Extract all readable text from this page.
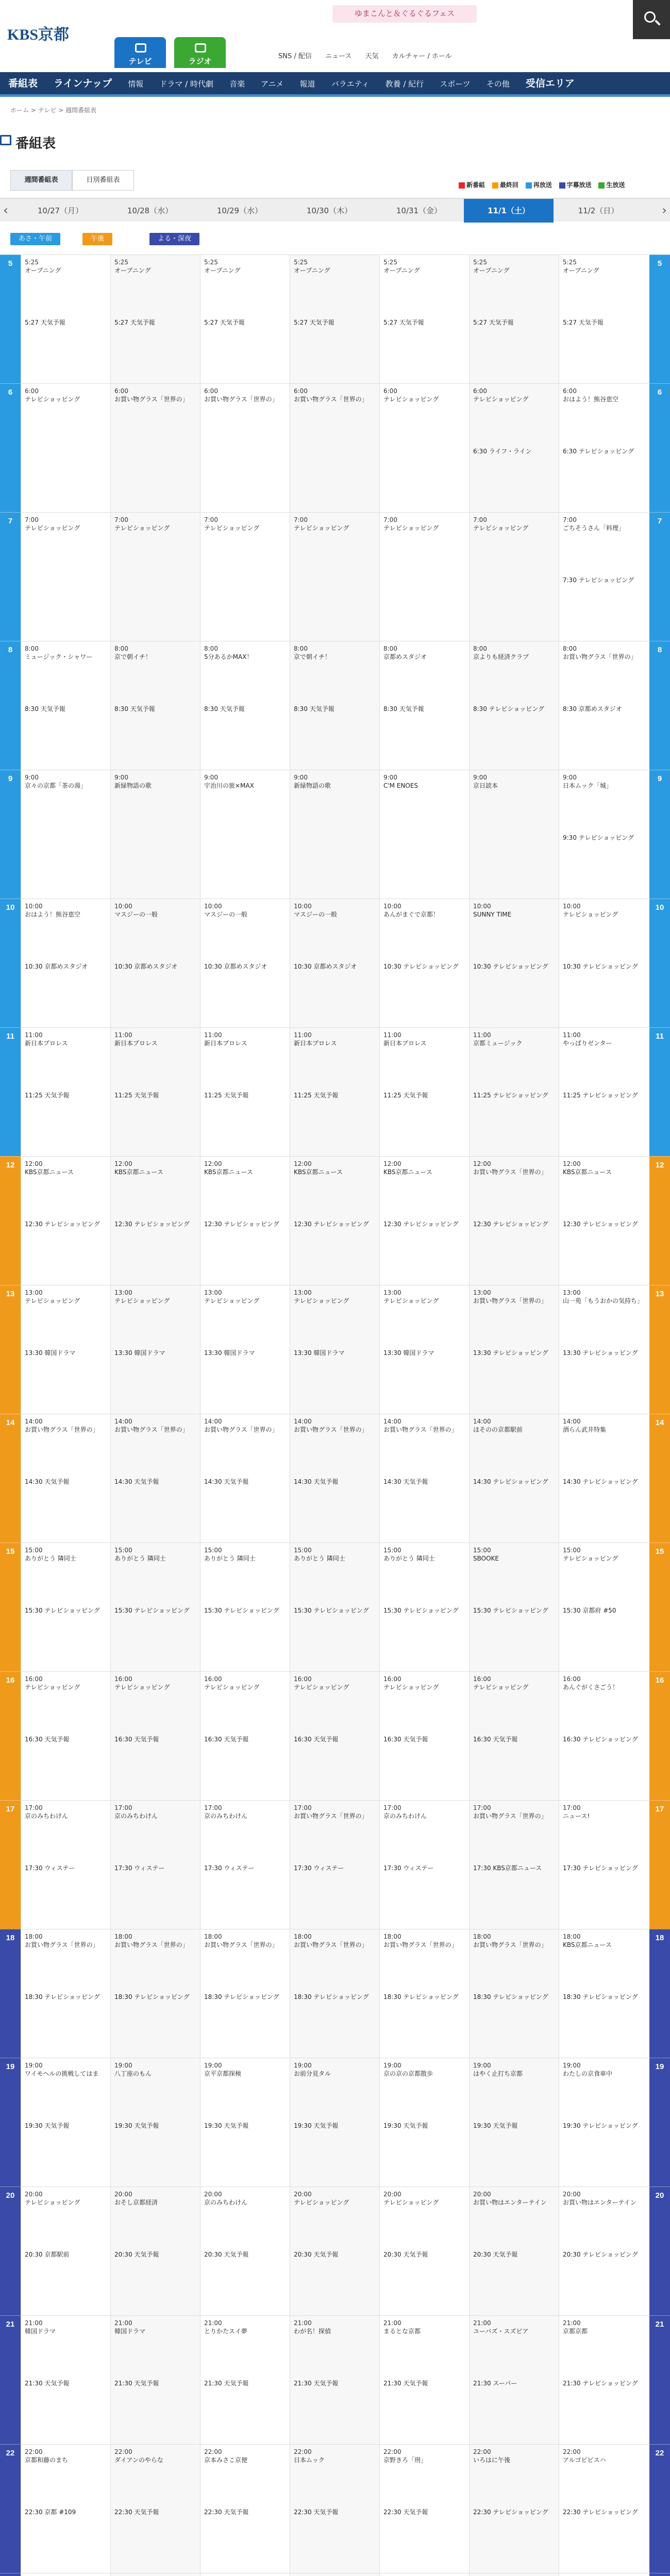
KBS京都
ゆまこんと＆ぐるぐるフェス
テレビ	ラジオ
SNS / 配信 ニュース 天気 カルチャー / ホール
番組表 ラインナップ 情報 ドラマ / 時代劇 音楽 アニメ 報道 バラエティ 教養 / 紀行 スポーツ その他 受信エリア
ホーム > テレビ > 週間番組表
番組表
週間番組表	日別番組表
新番組 最終回 再放送 字幕放送 生放送
‹	›
10/27（月）	10/28（水）	10/29（水）	10/30（木）	10/31（金）	11/1（土）	11/2（日）
あさ・午前	午後	よる・深夜
5	5
5:25
オープニング
5:27 天気予報
5:25
オープニング
5:27 天気予報
5:25
オープニング
5:27 天気予報
5:25
オープニング
5:27 天気予報
5:25
オープニング
5:27 天気予報
5:25
オープニング
5:27 天気予報
5:25
オープニング
5:27 天気予報
6	6
6:00
テレビショッピング
6:00
お買い物グラス「世界の」
6:00
お買い物グラス「世界の」
6:00
お買い物グラス「世界の」
6:00
テレビショッピング
6:00
テレビショッピング
6:30 ライフ・ライン
6:00
おはよう！熊谷恵空
6:30 テレビショッピング
7	7
7:00
テレビショッピング
7:00
テレビショッピング
7:00
テレビショッピング
7:00
テレビショッピング
7:00
テレビショッピング
7:00
テレビショッピング
7:00
ごちそうさん「料理」
7:30 テレビショッピング
8	8
8:00
ミュージック・シャワー
8:30 天気予報
8:00
京で朝イチ！
8:30 天気予報
8:00
5分あるかMAX！
8:30 天気予報
8:00
京で朝イチ！
8:30 天気予報
8:00
京都めスタジオ
8:30 天気予報
8:00
京よりも経済クラブ
8:30 テレビショッピング
8:00
お買い物グラス「世界の」
8:30 京都めスタジオ
9	9
9:00
京々の京都「茶の湯」
9:00
新緑物語の歌
9:00
宇治川の旅×MAX
9:00
新緑物語の歌
9:00
C'M ENOES
9:00
京日読本
9:00
日本ムック「城」
9:30 テレビショッピング
10	10
10:00
おはよう！熊谷恵空
10:30 京都めスタジオ
10:00
マスジーの一般
10:30 京都めスタジオ
10:00
マスジーの一般
10:30 京都めスタジオ
10:00
マスジーの一般
10:30 京都めスタジオ
10:00
あんがまぐで京都！
10:30 テレビショッピング
10:00
SUNNY TIME
10:30 テレビショッピング
10:00
テレビショッピング
10:30 テレビショッピング
11	11
11:00
新日本プロレス
11:25 天気予報
11:00
新日本プロレス
11:25 天気予報
11:00
新日本プロレス
11:25 天気予報
11:00
新日本プロレス
11:25 天気予報
11:00
新日本プロレス
11:25 天気予報
11:00
京都ミュージック
11:25 テレビショッピング
11:00
やっぱりゼンター
11:25 テレビショッピング
12	12
12:00
KBS京都ニュース
12:30 テレビショッピング
12:00
KBS京都ニュース
12:30 テレビショッピング
12:00
KBS京都ニュース
12:30 テレビショッピング
12:00
KBS京都ニュース
12:30 テレビショッピング
12:00
KBS京都ニュース
12:30 テレビショッピング
12:00
お買い物グラス「世界の」
12:30 テレビショッピング
12:00
KBS京都ニュース
12:30 テレビショッピング
13	13
13:00
テレビショッピング
13:30 韓国ドラマ
13:00
テレビショッピング
13:30 韓国ドラマ
13:00
テレビショッピング
13:30 韓国ドラマ
13:00
テレビショッピング
13:30 韓国ドラマ
13:00
テレビショッピング
13:30 韓国ドラマ
13:00
お買い物グラス「世界の」
13:30 テレビショッピング
13:00
山一苑「もうおかの気持ち」
13:30 テレビショッピング
14	14
14:00
お買い物グラス「世界の」
14:30 天気予報
14:00
お買い物グラス「世界の」
14:30 天気予報
14:00
お買い物グラス「世界の」
14:30 天気予報
14:00
お買い物グラス「世界の」
14:30 天気予報
14:00
お買い物グラス「世界の」
14:30 天気予報
14:00
ほそのの京都駅前
14:30 テレビショッピング
14:00
酒らん武井特集
14:30 テレビショッピング
15	15
15:00
ありがとう 隣同士
15:30 テレビショッピング
15:00
ありがとう 隣同士
15:30 テレビショッピング
15:00
ありがとう 隣同士
15:30 テレビショッピング
15:00
ありがとう 隣同士
15:30 テレビショッピング
15:00
ありがとう 隣同士
15:30 テレビショッピング
15:00
SBOOKE
15:30 テレビショッピング
15:00
テレビショッピング
15:30 京都府 #50
16	16
16:00
テレビショッピング
16:30 天気予報
16:00
テレビショッピング
16:30 天気予報
16:00
テレビショッピング
16:30 天気予報
16:00
テレビショッピング
16:30 天気予報
16:00
テレビショッピング
16:30 天気予報
16:00
テレビショッピング
16:30 天気予報
16:00
あんぐがくさごう！
16:30 テレビショッピング
17	17
17:00
京のみちわけん
17:30 ウィステー
17:00
京のみちわけん
17:30 ウィステー
17:00
京のみちわけん
17:30 ウィステー
17:00
お買い物グラス「世界の」
17:30 ウィステー
17:00
京のみちわけん
17:30 ウィステー
17:00
お買い物グラス「世界の」
17:30 KBS京都ニュース
17:00
ニュース!
17:30 テレビショッピング
18	18
18:00
お買い物グラス「世界の」
18:30 テレビショッピング
18:00
お買い物グラス「世界の」
18:30 テレビショッピング
18:00
お買い物グラス「世界の」
18:30 テレビショッピング
18:00
お買い物グラス「世界の」
18:30 テレビショッピング
18:00
お買い物グラス「世界の」
18:30 テレビショッピング
18:00
お買い物グラス「世界の」
18:30 テレビショッピング
18:00
KBS京都ニュース
18:30 テレビショッピング
19	19
19:00
ワイモヘルの挑戦してはま
19:30 天気予報
19:00
八丁座のもん
19:30 天気予報
19:00
京平京都探検
19:30 天気予報
19:00
お前分見タル
19:30 天気予報
19:00
京の京の京都散歩
19:30 天気予報
19:00
はやく止打ち京都
19:30 天気予報
19:00
わたしの京食車中
19:30 テレビショッピング
20	20
20:00
テレビショッピング
20:30 京都駅前
20:00
おそし京都経済
20:30 天気予報
20:00
京のみちわけん
20:30 天気予報
20:00
テレビショッピング
20:30 天気予報
20:00
テレビショッピング
20:30 天気予報
20:00
お買い物はエンターテイン
20:30 天気予報
20:00
お買い物はエンターテイン
20:30 テレビショッピング
21	21
21:00
韓国ドラマ
21:30 天気予報
21:00
韓国ドラマ
21:30 天気予報
21:00
とりかたスイ夢
21:30 天気予報
21:00
わが名！探偵
21:30 天気予報
21:00
まるとな京都
21:30 天気予報
21:00
ユーバズ・スズピア
21:30 スーパー
21:00
京都京都
21:30 テレビショッピング
22	22
22:00
京都和藤のまち
22:30 京都 #109
22:00
ダイアンのやらな
22:30 天気予報
22:00
京本みさこ京便
22:30 天気予報
22:00
日本ムック
22:30 天気予報
22:00
京野きろ「刑」
22:30 天気予報
22:00
いろはに午後
22:30 テレビショッピング
22:00
アルゴピビスハ
22:30 テレビショッピング
